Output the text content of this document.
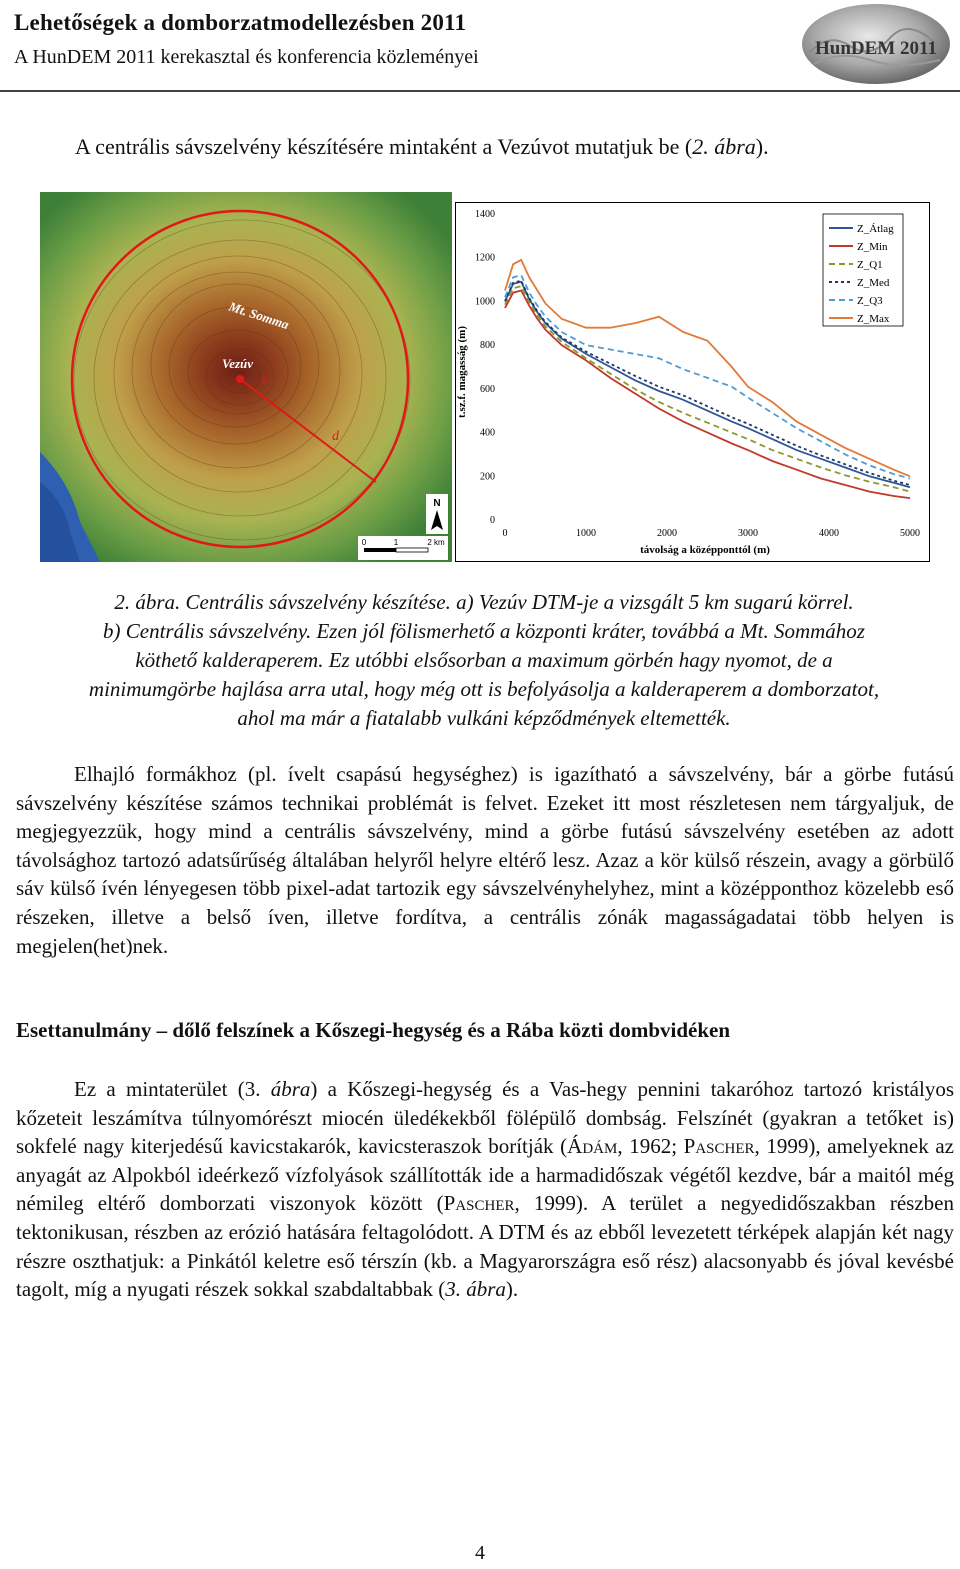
Lehetőségek a domborzatmodellezésben 2011
A HunDEM 2011 kerekasztal és konferencia közleményei	HunDEM 2011
A centrális sávszelvény készítésére mintaként a Vezúvot mutatjuk be (2. ábra).
Mt. Somma
Vezúv
k
d
N
0	1	2 km
0
200
400
600
800
1000
1200
1400
0	1000	2000	3000	4000	5000
Z_Átlag
Z_Min
Z_Q1
Z_Med
Z_Q3
Z_Max
távolság a középponttól (m)
t.sz.f. magasság (m)
2. ábra. Centrális sávszelvény készítése. a) Vezúv DTM-je a vizsgált 5 km sugarú körrel.
b) Centrális sávszelvény. Ezen jól fölismerhető a központi kráter, továbbá a Mt. Sommához
köthető kalderaperem. Ez utóbbi elsősorban a maximum görbén hagy nyomot, de a
minimumgörbe hajlása arra utal, hogy még ott is befolyásolja a kalderaperem a domborzatot,
ahol ma már a fiatalabb vulkáni képződmények eltemették.
Elhajló formákhoz (pl. ívelt csapású hegységhez) is igazítható a sávszelvény, bár a görbe futású sávszelvény készítése számos technikai problémát is felvet. Ezeket itt most részletesen nem tárgyaljuk, de megjegyezzük, hogy mind a centrális sávszelvény, mind a görbe futású sávszelvény esetében az adott távolsághoz tartozó adatsűrűség általában helyről helyre eltérő lesz. Azaz a kör külső részein, avagy a görbülő sáv külső ívén lényegesen több pixel-adat tartozik egy sávszelvényhelyhez, mint a középponthoz közelebb eső részeken, illetve a belső íven, illetve fordítva, a centrális zónák magasságadatai több helyen is megjelen(het)nek.
Esettanulmány – dőlő felszínek a Kőszegi-hegység és a Rába közti dombvidéken
Ez a mintaterület (3. ábra) a Kőszegi-hegység és a Vas-hegy pennini takaróhoz tartozó kristályos kőzeteit leszámítva túlnyomórészt miocén üledékekből fölépülő dombság. Felszínét (gyakran a tetőket is) sokfelé nagy kiterjedésű kavicstakarók, kavicsteraszok borítják (Ádám, 1962; Pascher, 1999), amelyeknek az anyagát az Alpokból ideérkező vízfolyások szállították ide a harmadidőszak végétől kezdve, bár a maitól még némileg eltérő domborzati viszonyok között (Pascher, 1999). A terület a negyedidőszakban részben tektonikusan, részben az erózió hatására feltagolódott. A DTM és az ebből levezetett térképek alapján két nagy részre oszthatjuk: a Pinkától keletre eső térszín (kb. a Magyarországra eső rész) alacsonyabb és jóval kevésbé tagolt, míg a nyugati részek sokkal szabdaltabbak (3. ábra).
4
